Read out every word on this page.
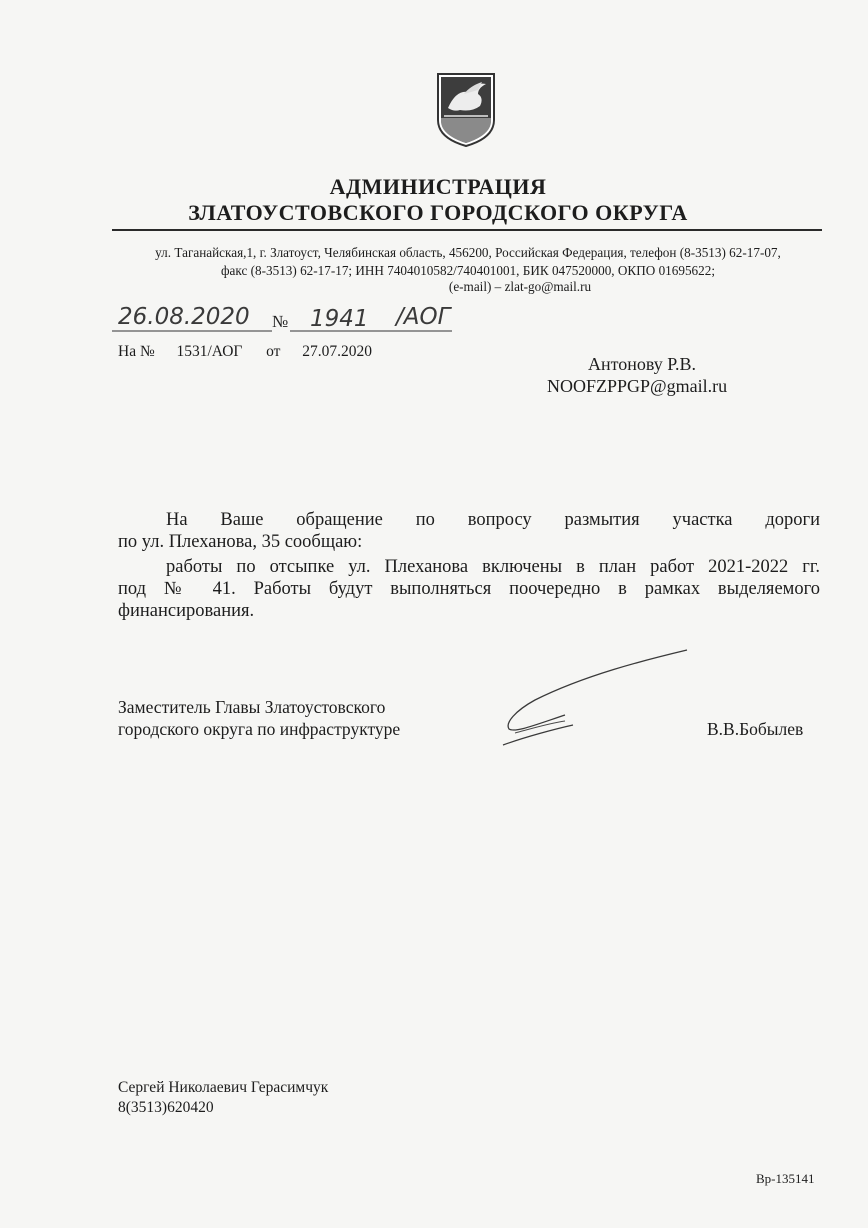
АДМИНИСТРАЦИЯ
ЗЛАТОУСТОВСКОГО ГОРОДСКОГО ОКРУГА
ул. Таганайская,1, г. Златоуст, Челябинская область, 456200, Российская Федерация, телефон (8-3513) 62-17-07,
факс (8-3513) 62-17-17; ИНН 7404010582/740401001, БИК 047520000, ОКПО 01695622;
(e-mail) – zlat-go@mail.ru
26.08.2020 № 1941 /АОГ
На № 1531/АОГ от 27.07.2020
Антонову Р.В.
NOOFZPPGP@gmail.ru
На Ваше обращение по вопросу размытия участка дороги
по ул. Плеханова, 35 сообщаю:
работы по отсыпке ул. Плеханова включены в план работ 2021-2022 гг.
под № 41. Работы будут выполняться поочередно в рамках выделяемого
финансирования.
Заместитель Главы Златоустовского
городского округа по инфраструктуре	В.В.Бобылев
Сергей Николаевич Герасимчук
8(3513)620420
Вр-135141
